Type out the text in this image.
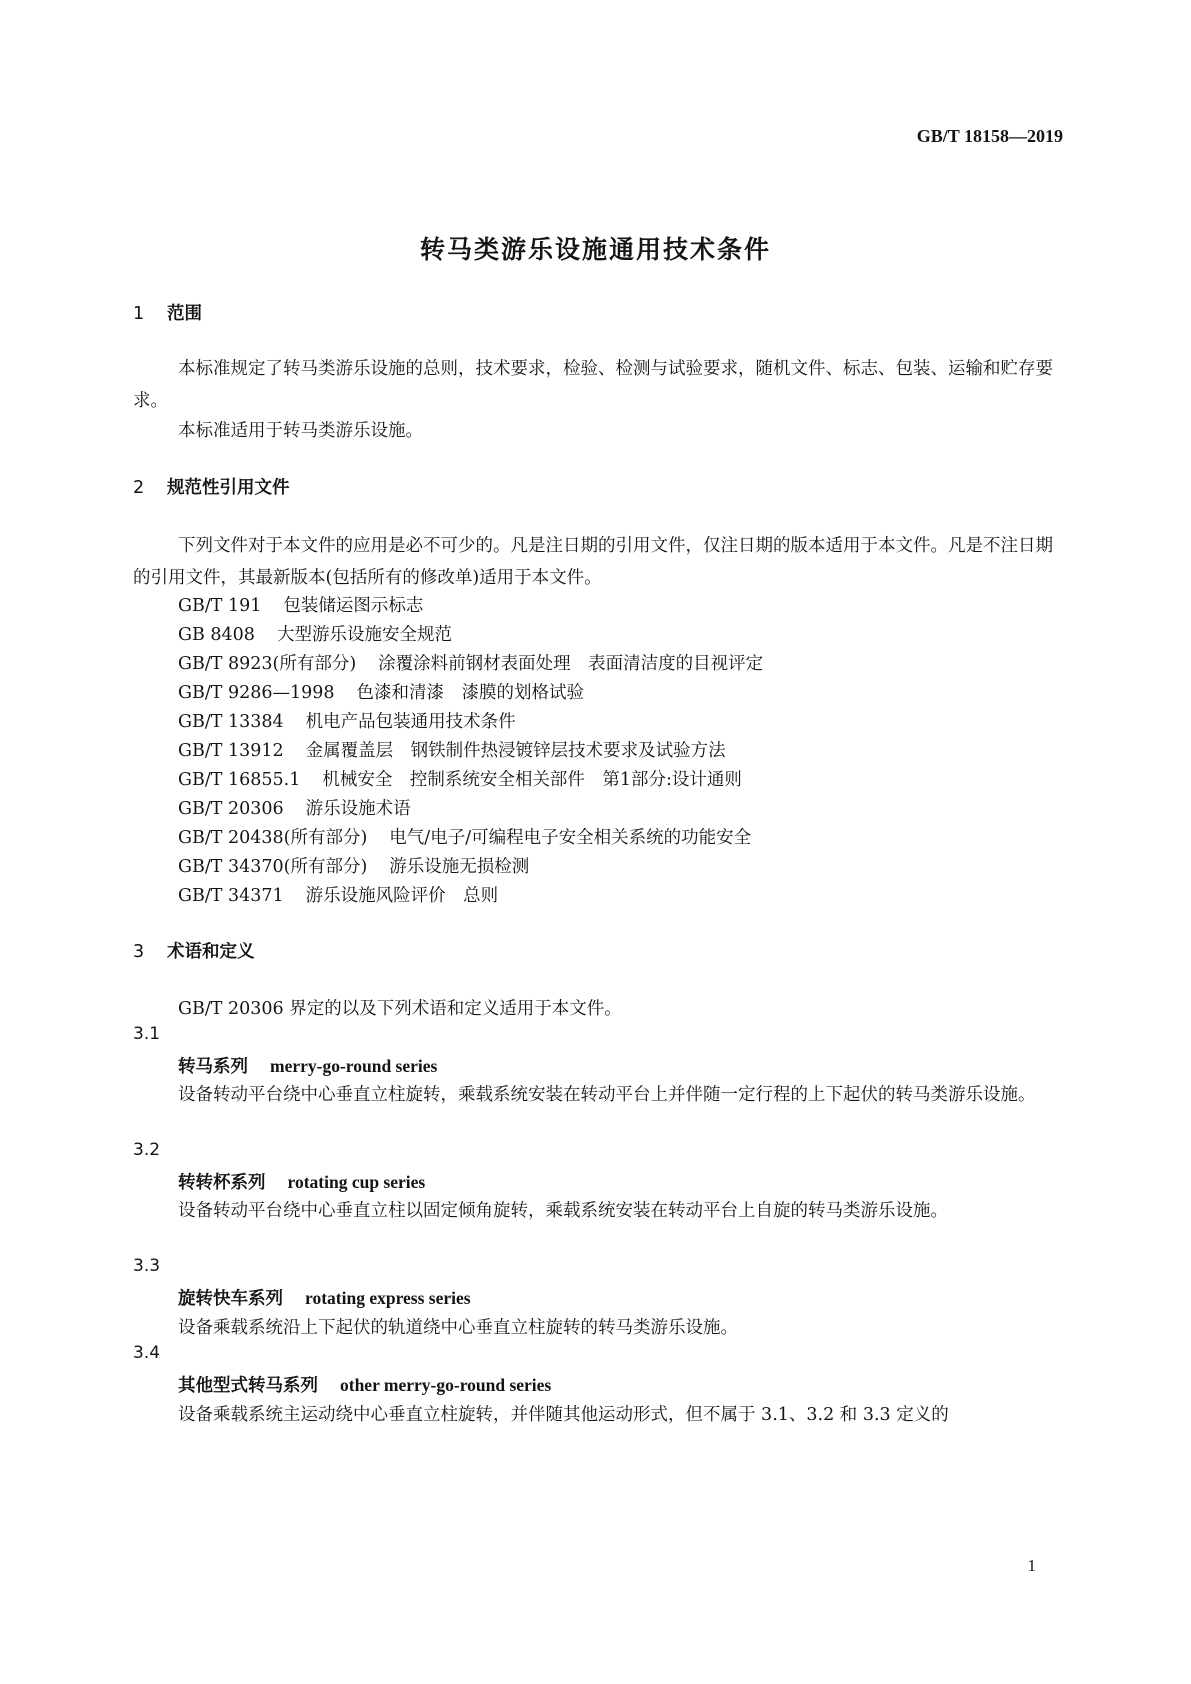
GB/T 18158—2019
转马类游乐设施通用技术条件
1 范围
本标准规定了转马类游乐设施的总则，技术要求，检验、检测与试验要求，随机文件、标志、包装、运输和贮存要求。
本标准适用于转马类游乐设施。
2 规范性引用文件
下列文件对于本文件的应用是必不可少的。凡是注日期的引用文件，仅注日期的版本适用于本文件。凡是不注日期的引用文件，其最新版本(包括所有的修改单)适用于本文件。
GB/T 191 包装储运图示标志
GB 8408 大型游乐设施安全规范
GB/T 8923(所有部分) 涂覆涂料前钢材表面处理　表面清洁度的目视评定
GB/T 9286—1998 色漆和清漆　漆膜的划格试验
GB/T 13384 机电产品包装通用技术条件
GB/T 13912 金属覆盖层　钢铁制件热浸镀锌层技术要求及试验方法
GB/T 16855.1 机械安全　控制系统安全相关部件　第1部分:设计通则
GB/T 20306 游乐设施术语
GB/T 20438(所有部分) 电气/电子/可编程电子安全相关系统的功能安全
GB/T 34370(所有部分) 游乐设施无损检测
GB/T 34371 游乐设施风险评价　总则
3 术语和定义
GB/T 20306 界定的以及下列术语和定义适用于本文件。
3.1
转马系列 merry-go-round series
设备转动平台绕中心垂直立柱旋转，乘载系统安装在转动平台上并伴随一定行程的上下起伏的转马类游乐设施。
3.2
转转杯系列 rotating cup series
设备转动平台绕中心垂直立柱以固定倾角旋转，乘载系统安装在转动平台上自旋的转马类游乐设施。
3.3
旋转快车系列 rotating express series
设备乘载系统沿上下起伏的轨道绕中心垂直立柱旋转的转马类游乐设施。
3.4
其他型式转马系列 other merry-go-round series
设备乘载系统主运动绕中心垂直立柱旋转，并伴随其他运动形式，但不属于 3.1、3.2 和 3.3 定义的
1
